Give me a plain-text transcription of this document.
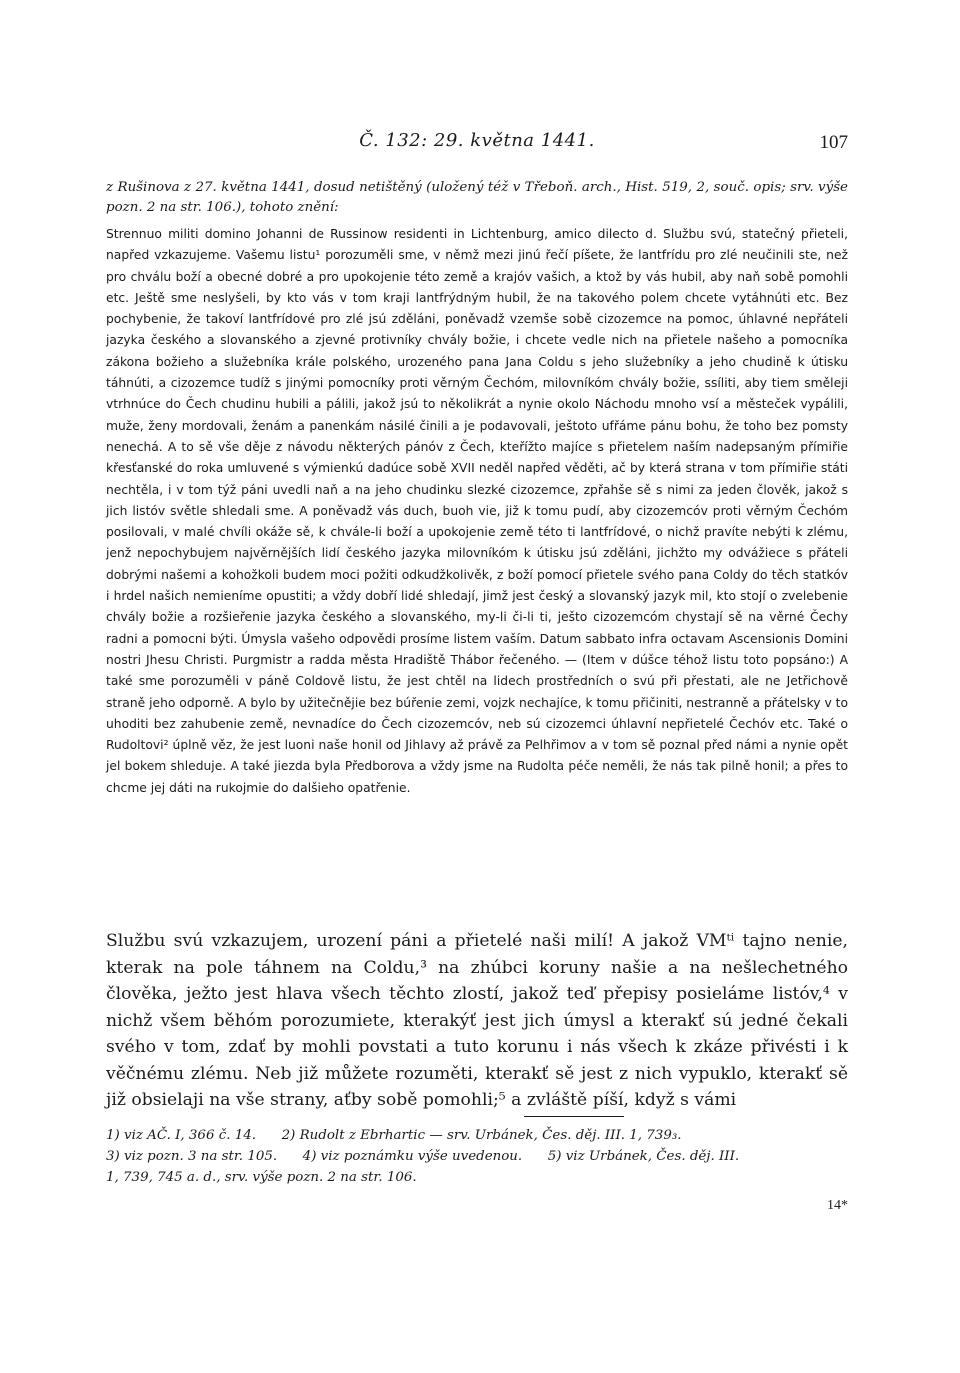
Č. 132: 29. května 1441.	107
z Rušinova z 27. května 1441, dosud netištěný (uložený též v Třeboň. arch., Hist. 519, 2, souč. opis; srv. výše pozn. 2 na str. 106.), tohoto znění:
Strennuo militi domino Johanni de Russinow residenti in Lichtenburg, amico dilecto d. Službu svú, statečný přieteli, napřed vzkazujeme. Vašemu listu¹ porozuměli sme, v němž mezi jinú řečí píšete, že lantfrídu pro zlé neučinili ste, než pro chválu boží a obecné dobré a pro upokojenie této země a krajóv vašich, a ktož by vás hubil, aby naň sobě pomohli etc. Ještě sme neslyšeli, by kto vás v tom kraji lantfrýdným hubil, že na takového polem chcete vytáhnúti etc. Bez pochybenie, že takoví lantfrídové pro zlé jsú zděláni, poněvadž vzemše sobě cizozemce na pomoc, úhlavné nepřáteli jazyka českého a slovanského a zjevné protivníky chvály božie, i chcete vedle nich na přietele našeho a pomocníka zákona božieho a služebníka krále polského, urozeného pana Jana Coldu s jeho služebníky a jeho chudině k útisku táhnúti, a cizozemce tudíž s jinými pomocníky proti věrným Čechóm, milovníkóm chvály božie, ssíliti, aby tiem směleji vtrhnúce do Čech chudinu hubili a pálili, jakož jsú to několikrát a nynie okolo Náchodu mnoho vsí a městeček vypálili, muže, ženy mordovali, ženám a panenkám násilé činili a je podavovali, ještoto ufřáme pánu bohu, že toho bez pomsty nenechá. A to sě vše děje z návodu některých pánóv z Čech, kteřížto majíce s přietelem naším nadepsaným přímiřie křesťanské do roka umluvené s výmienkú dadúce sobě XVII neděl napřed věděti, ač by která strana v tom přímiřie státi nechtěla, i v tom týž páni uvedli naň a na jeho chudinku slezké cizozemce, zpřahše sě s nimi za jeden člověk, jakož s jich listóv světle shledali sme. A poněvadž vás duch, buoh vie, již k tomu pudí, aby cizozemcóv proti věrným Čechóm posilovali, v malé chvíli okáže sě, k chvále-li boží a upokojenie země této ti lantfrídové, o nichž pravíte nebýti k zlému, jenž nepochybujem najvěrnějších lidí českého jazyka milovníkóm k útisku jsú zděláni, jichžto my odvážiece s přáteli dobrými našemi a kohožkoli budem moci požiti odkudžkolivěk, z boží pomocí přietele svého pana Coldy do těch statkóv i hrdel našich nemieníme opustiti; a vždy dobří lidé shledají, jimž jest český a slovanský jazyk mil, kto stojí o zvelebenie chvály božie a rozšieřenie jazyka českého a slovanského, my-li či-li ti, ješto cizozemcóm chystají sě na věrné Čechy radni a pomocni býti. Úmysla vašeho odpovědi prosíme listem vaším. Datum sabbato infra octavam Ascensionis Domini nostri Jhesu Christi. Purgmistr a radda města Hradiště Thábor řečeného. — (Item v dúšce téhož listu toto popsáno:) A také sme porozuměli v páně Coldově listu, že jest chtěl na lidech prostředních o svú při přestati, ale ne Jetřichově straně jeho odporně. A bylo by užitečnějie bez búřenie zemi, vojzk nechajíce, k tomu přičiniti, nestranně a přátelsky v to uhoditi bez zahubenie země, nevnadíce do Čech cizozemcóv, neb sú cizozemci úhlavní nepřietelé Čechóv etc. Také o Rudoltovi² úplně věz, že jest luoni naše honil od Jihlavy až právě za Pelhřimov a v tom sě poznal před námi a nynie opět jel bokem shleduje. A také jiezda byla Předborova a vždy jsme na Rudolta péče neměli, že nás tak pilně honil; a přes to chcme jej dáti na rukojmie do dalšieho opatřenie.
Službu svú vzkazujem, urození páni a přietelé naši milí! A jakož VMᵗⁱ tajno nenie, kterak na pole táhnem na Coldu,³ na zhúbci koruny našie a na nešlechetného člověka, ježto jest hlava všech těchto zlostí, jakož teď přepisy posieláme listóv,⁴ v nichž všem běhóm porozumiete, kterakýť jest jich úmysl a kterakť sú jedné čekali svého v tom, zdať by mohli povstati a tuto korunu i nás všech k zkáze přivésti i k věčnému zlému. Neb již můžete rozuměti, kterakť sě jest z nich vypuklo, kterakť sě již obsielaji na vše strany, aťby sobě pomohli;⁵ a zvláště píší, když s vámi
1) viz AČ. I, 366 č. 14.      2) Rudolt z Ebrhartic — srv. Urbánek, Čes. děj. III. 1, 739₃.
3) viz pozn. 3 na str. 105.      4) viz poznámku výše uvedenou.      5) viz Urbánek, Čes. děj. III.
1, 739, 745 a. d., srv. výše pozn. 2 na str. 106.
14*
